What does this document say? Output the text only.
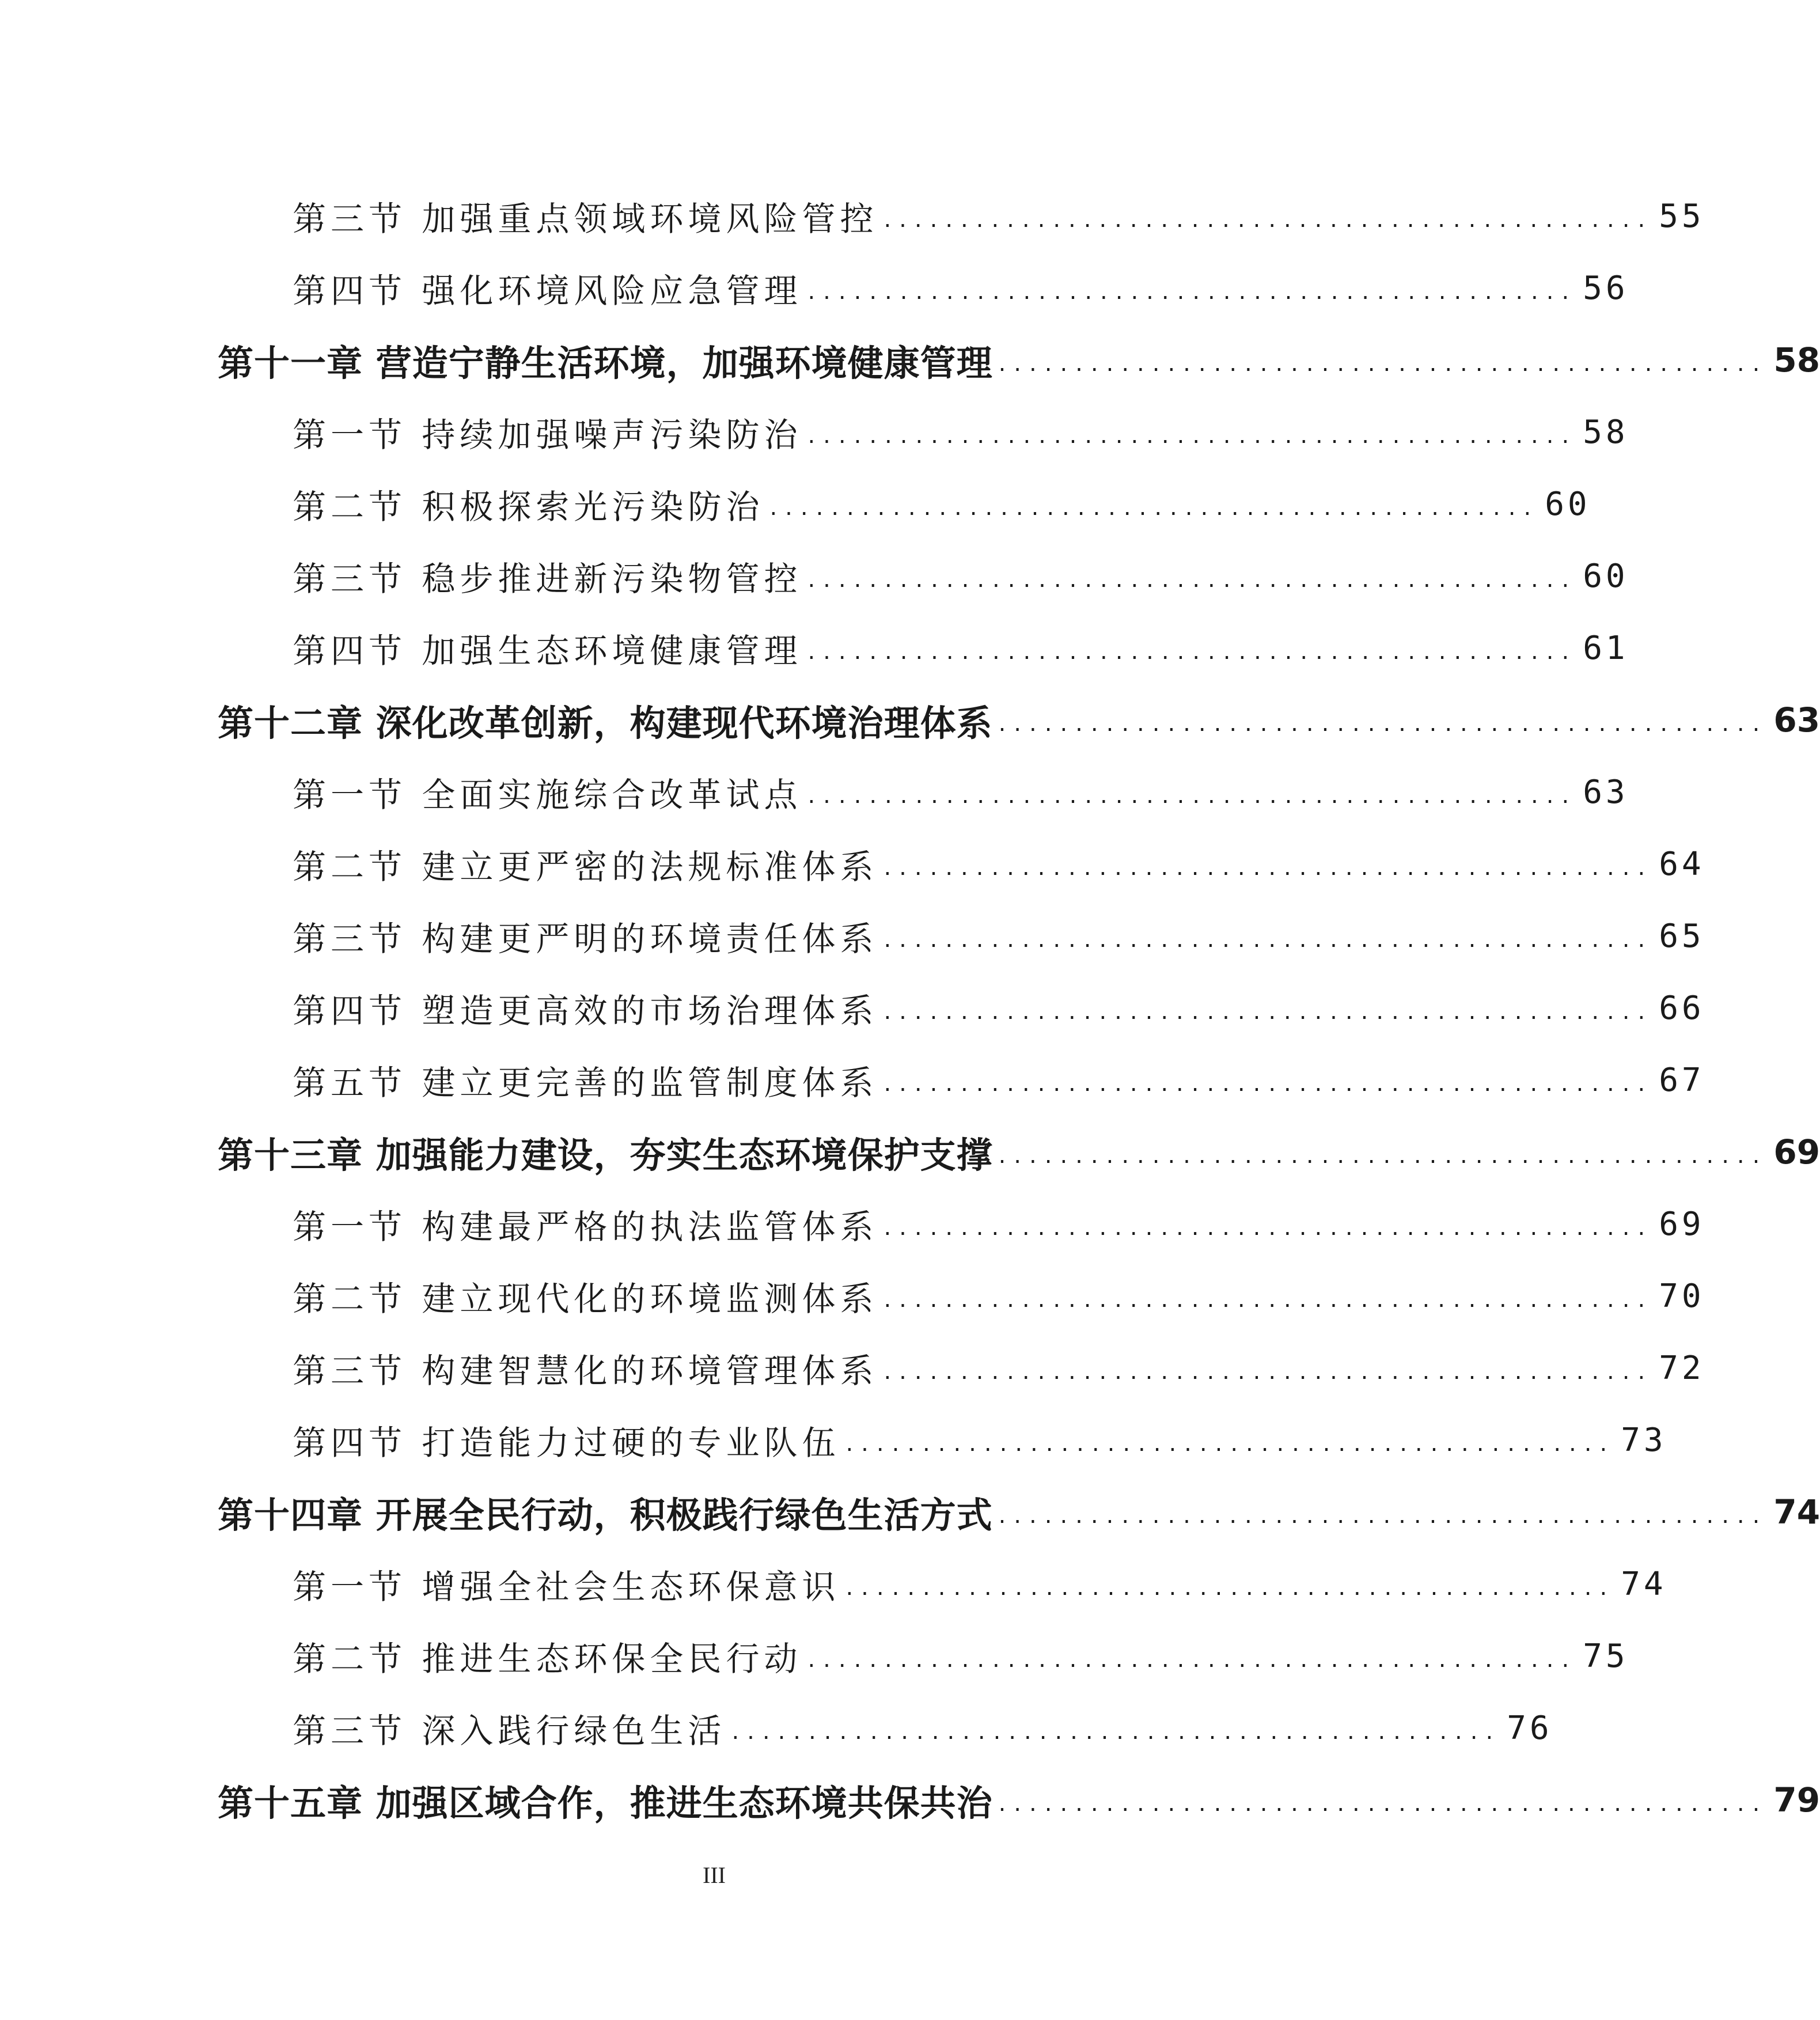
第三节 加强重点领域环境风险管控 .................................................. 55
第四节 强化环境风险应急管理 .................................................. 56
第十一章 营造宁静生活环境，加强环境健康管理 .................................................. 58
第一节 持续加强噪声污染防治 .................................................. 58
第二节 积极探索光污染防治 .................................................. 60
第三节 稳步推进新污染物管控 .................................................. 60
第四节 加强生态环境健康管理 .................................................. 61
第十二章 深化改革创新，构建现代环境治理体系 .................................................. 63
第一节 全面实施综合改革试点 .................................................. 63
第二节 建立更严密的法规标准体系 .................................................. 64
第三节 构建更严明的环境责任体系 .................................................. 65
第四节 塑造更高效的市场治理体系 .................................................. 66
第五节 建立更完善的监管制度体系 .................................................. 67
第十三章 加强能力建设，夯实生态环境保护支撑 .................................................. 69
第一节 构建最严格的执法监管体系 .................................................. 69
第二节 建立现代化的环境监测体系 .................................................. 70
第三节 构建智慧化的环境管理体系 .................................................. 72
第四节 打造能力过硬的专业队伍 .................................................. 73
第十四章 开展全民行动，积极践行绿色生活方式 .................................................. 74
第一节 增强全社会生态环保意识 .................................................. 74
第二节 推进生态环保全民行动 .................................................. 75
第三节 深入践行绿色生活 .................................................. 76
第十五章 加强区域合作，推进生态环境共保共治 .................................................. 79
III
